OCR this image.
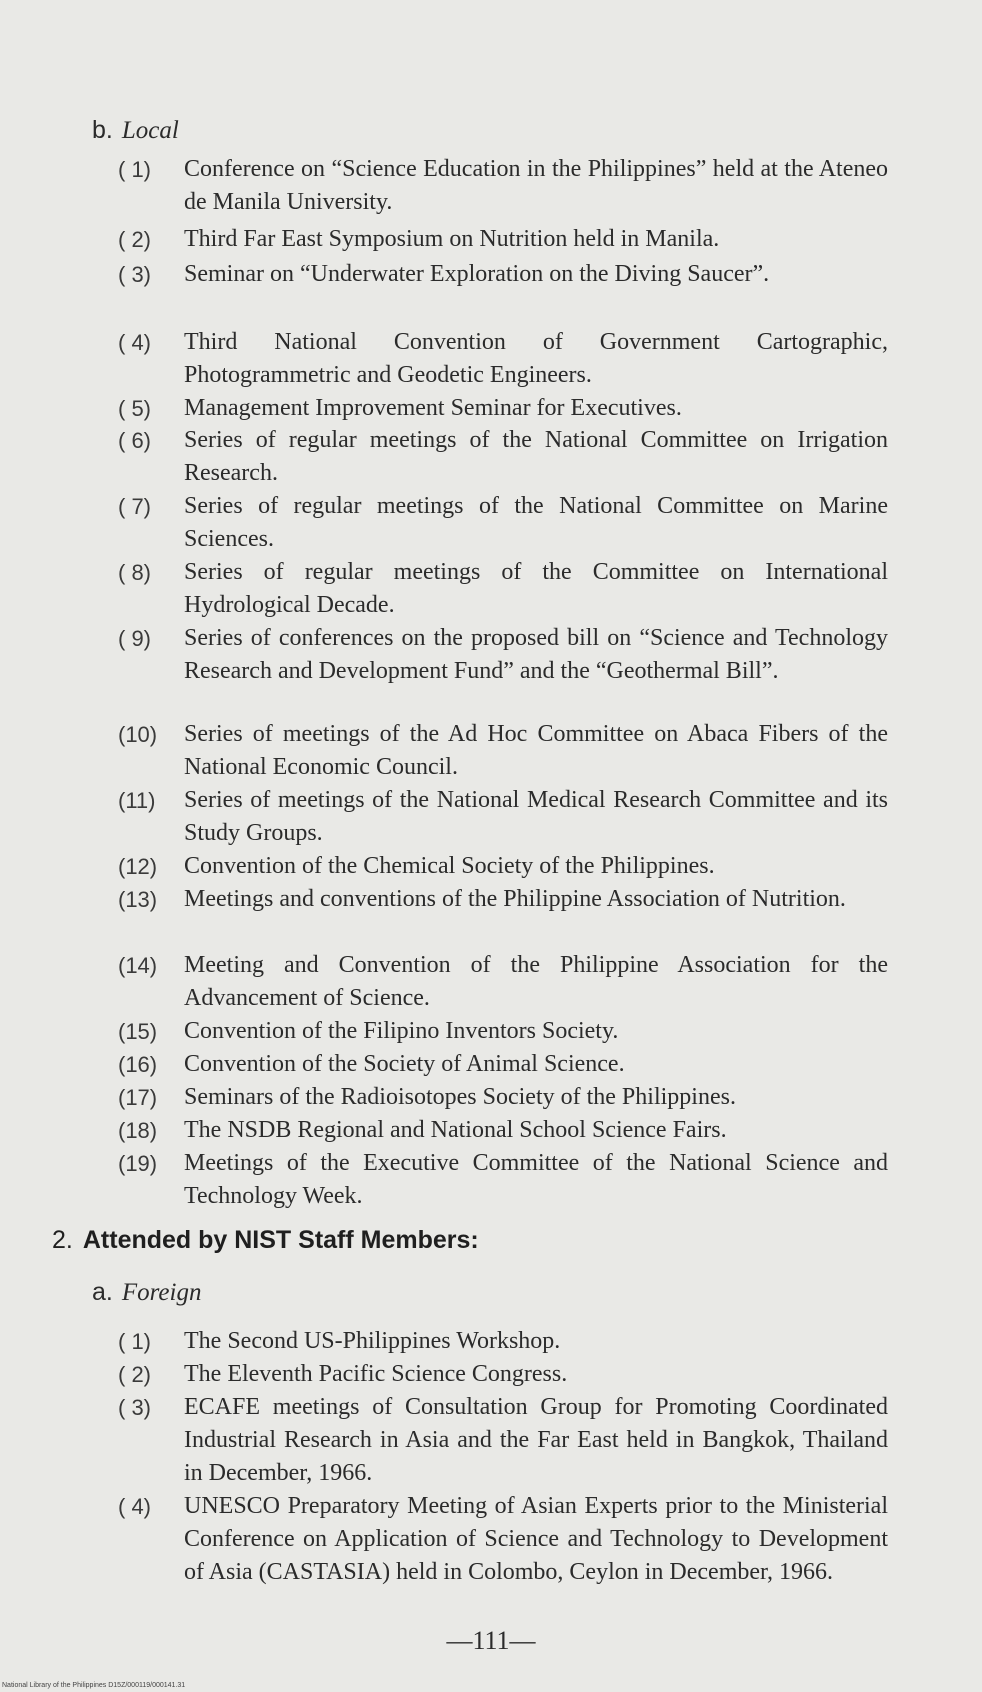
b. Local
( 1)	Conference on “Science Education in the Philippines” held at the Ateneo de Manila University.
( 2)	Third Far East Symposium on Nutrition held in Manila.
( 3)	Seminar on “Underwater Exploration on the Diving Saucer”.
( 4)	Third National Convention of Government Cartographic, Photogrammetric and Geodetic Engineers.
( 5)	Management Improvement Seminar for Executives.
( 6)	Series of regular meetings of the National Committee on Irrigation Research.
( 7)	Series of regular meetings of the National Committee on Marine Sciences.
( 8)	Series of regular meetings of the Committee on International Hydrological Decade.
( 9)	Series of conferences on the proposed bill on “Science and Technology Research and Development Fund” and the “Geothermal Bill”.
(10)	Series of meetings of the Ad Hoc Committee on Abaca Fibers of the National Economic Council.
(11)	Series of meetings of the National Medical Research Committee and its Study Groups.
(12)	Convention of the Chemical Society of the Philippines.
(13)	Meetings and conventions of the Philippine Association of Nutrition.
(14)	Meeting and Convention of the Philippine Association for the Advancement of Science.
(15)	Convention of the Filipino Inventors Society.
(16)	Convention of the Society of Animal Science.
(17)	Seminars of the Radioisotopes Society of the Philippines.
(18)	The NSDB Regional and National School Science Fairs.
(19)	Meetings of the Executive Committee of the National Science and Technology Week.
2. Attended by NIST Staff Members:
a. Foreign
( 1)	The Second US-Philippines Workshop.
( 2)	The Eleventh Pacific Science Congress.
( 3)	ECAFE meetings of Consultation Group for Promoting Coordinated Industrial Research in Asia and the Far East held in Bangkok, Thailand in December, 1966.
( 4)	UNESCO Preparatory Meeting of Asian Experts prior to the Ministerial Conference on Application of Science and Technology to Development of Asia (CASTASIA) held in Colombo, Ceylon in December, 1966.
—111—
National Library of the Philippines D15Z/000119/000141.31
